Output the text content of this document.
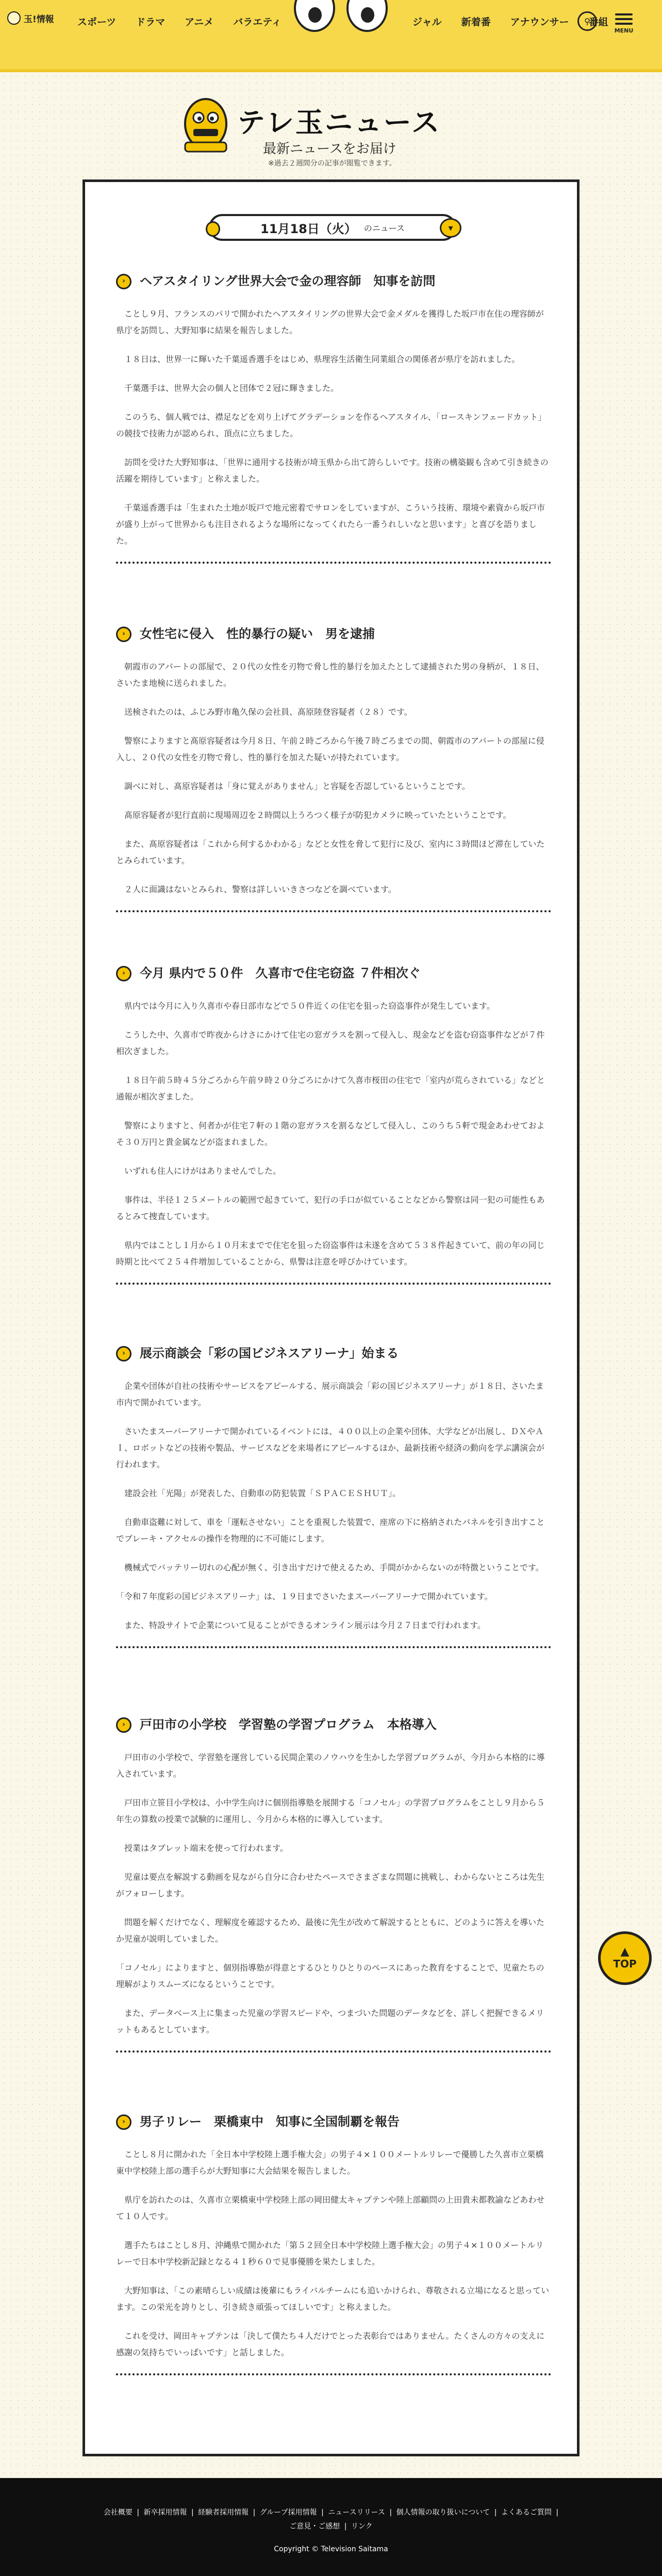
玉!情報 スポーツ ドラマ アニメ バラエティ	ジャル 新着番 アナウンサー 番組
⚲
MENU
テレ玉ニュース

最新ニュースをお届け

※過去２週間分の記事が閲覧できます。

11月18日（火） のニュース	▾
›	ヘアスタイリング世界大会で金の理容師　知事を訪問

　ことし９月、フランスのパリで開かれたヘアスタイリングの世界大会で金メダルを獲得した坂戸市在住の理容師が県庁を訪問し、大野知事に結果を報告しました。

　１８日は、世界一に輝いた千葉遥香選手をはじめ、県理容生活衛生同業組合の関係者が県庁を訪れました。

　千葉選手は、世界大会の個人と団体で２冠に輝きました。

　このうち、個人戦では、襟足などを刈り上げてグラデーションを作るヘアスタイル、「ロースキンフェードカット」の競技で技術力が認められ、頂点に立ちました。

　訪問を受けた大野知事は、「世界に通用する技術が埼玉県から出て誇らしいです。技術の構築観も含めて引き続きの活躍を期待しています」と称えました。

　千葉遥香選手は「生まれた土地が坂戸で地元密着でサロンをしていますが、こういう技術、環境や素資から坂戸市が盛り上がって世界からも注目されるような場所になってくれたら一番うれしいなと思います」と喜びを語りました。

›	女性宅に侵入　性的暴行の疑い　男を逮捕

　朝霞市のアパートの部屋で、２０代の女性を刃物で脅し性的暴行を加えたとして逮捕された男の身柄が、１８日、さいたま地検に送られました。

　送検されたのは、ふじみ野市亀久保の会社員、髙原陸登容疑者（２８）です。

　警察によりますと髙原容疑者は今月８日、午前２時ごろから午後７時ごろまでの間、朝霞市のアパートの部屋に侵入し、２０代の女性を刃物で脅し、性的暴行を加えた疑いが持たれています。

　調べに対し、髙原容疑者は「身に覚えがありません」と容疑を否認しているということです。

　髙原容疑者が犯行直前に現場周辺を２時間以上うろつく様子が防犯カメラに映っていたということです。

　また、髙原容疑者は「これから何するかわかる」などと女性を脅して犯行に及び、室内に３時間ほど滞在していたとみられています。

　２人に面識はないとみられ、警察は詳しいいきさつなどを調べています。

›	今月 県内で５０件　久喜市で住宅窃盗 ７件相次ぐ

　県内では今月に入り久喜市や春日部市などで５０件近くの住宅を狙った窃盗事件が発生しています。

　こうした中、久喜市で昨夜からけさにかけて住宅の窓ガラスを割って侵入し、現金などを盗む窃盗事件などが７件相次ぎました。

　１８日午前５時４５分ごろから午前９時２０分ごろにかけて久喜市桜田の住宅で「室内が荒らされている」などと通報が相次ぎました。

　警察によりますと、何者かが住宅７軒の１階の窓ガラスを割るなどして侵入し、このうち５軒で現金あわせておよそ３０万円と貴金属などが盗まれました。

　いずれも住人にけがはありませんでした。

　事件は、半径１２５メートルの範囲で起きていて、犯行の手口が似ていることなどから警察は同一犯の可能性もあるとみて捜査しています。

　県内ではことし１月から１０月末までで住宅を狙った窃盗事件は未遂を含めて５３８件起きていて、前の年の同じ時期と比べて２５４件増加していることから、県警は注意を呼びかけています。

›	展示商談会「彩の国ビジネスアリーナ」始まる

　企業や団体が自社の技術やサービスをアピールする、展示商談会「彩の国ビジネスアリーナ」が１８日、さいたま市内で開かれています。

　さいたまスーパーアリーナで開かれているイベントには、４００以上の企業や団体、大学などが出展し、ＤＸやＡＩ、ロボットなどの技術や製品、サービスなどを来場者にアピールするほか、最新技術や経済の動向を学ぶ講演会が行われます。

　建設会社「光陽」が発表した、自動車の防犯装置「ＳＰＡＣＥＳＨＵＴ」。

　自動車盗難に対して、車を「運転させない」ことを重視した装置で、座席の下に格納されたパネルを引き出すことでブレーキ・アクセルの操作を物理的に不可能にします。

　機械式でバッテリー切れの心配が無く、引き出すだけで使えるため、手間がかからないのが特徴ということです。

「令和７年度彩の国ビジネスアリーナ」は、１９日までさいたまスーパーアリーナで開かれています。

　また、特設サイトで企業について見ることができるオンライン展示は今月２７日まで行われます。

›	戸田市の小学校　学習塾の学習プログラム　本格導入

　戸田市の小学校で、学習塾を運営している民間企業のノウハウを生かした学習プログラムが、今月から本格的に導入されています。

　戸田市立笹目小学校は、小中学生向けに個別指導塾を展開する「コノセル」の学習プログラムをことし９月から５年生の算数の授業で試験的に運用し、今月から本格的に導入しています。

　授業はタブレット端末を使って行われます。

　児童は要点を解説する動画を見ながら自分に合わせたペースでさまざまな問題に挑戦し、わからないところは先生がフォローします。

　問題を解くだけでなく、理解度を確認するため、最後に先生が改めて解説するとともに、どのように答えを導いたか児童が説明していました。

「コノセル」によりますと、個別指導塾が得意とするひとりひとりのペースにあった教育をすることで、児童たちの理解がよりスムーズになるということです。

　また、データベース上に集まった児童の学習スピードや、つまづいた問題のデータなどを、詳しく把握できるメリットもあるとしています。

›	男子リレー　栗橋東中　知事に全国制覇を報告

　ことし８月に開かれた「全日本中学校陸上選手権大会」の男子４×１００メートルリレーで優勝した久喜市立栗橋東中学校陸上部の選手らが大野知事に大会結果を報告しました。

　県庁を訪れたのは、久喜市立栗橋東中学校陸上部の岡田健太キャプテンや陸上部顧問の上田貴未都教諭などあわせて１０人です。

　選手たちはことし８月、沖縄県で開かれた「第５２回全日本中学校陸上選手権大会」の男子４×１００メートルリレーで日本中学校新記録となる４１秒６０で見事優勝を果たしました。

　大野知事は、「この素晴らしい成績は後輩にもライバルチームにも追いかけられ、尊敬される立場になると思っています。この栄光を誇りとし、引き続き頑張ってほしいです」と称えました。

　これを受け、岡田キャプテンは「決して僕たち４人だけでとった表彰台ではありません。たくさんの方々の支えに感謝の気持ちでいっぱいです」と話しました。

▲
TOP
会社概要 | 新卒採用情報 | 経験者採用情報 | グループ採用情報 | ニュースリリース | 個人情報の取り扱いについて | よくあるご質問 |
ご意見・ご感想 | リンク

Copyright © Television Saitama
